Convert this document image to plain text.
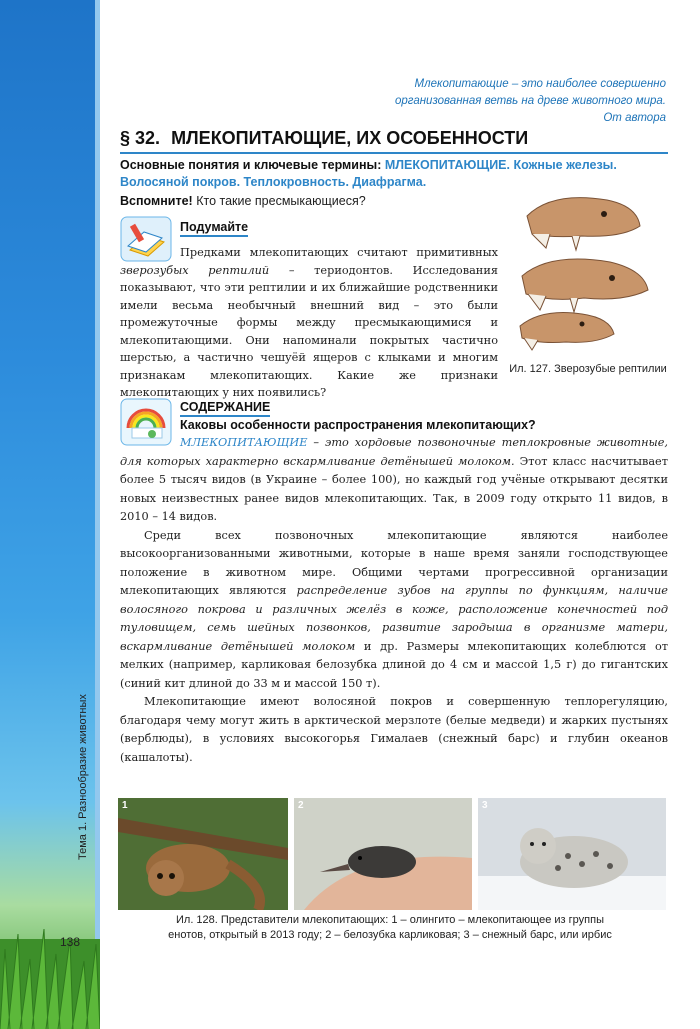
Тема 1. Разнообразие животных
138
Млекопитающие – это наиболее совершенно
организованная ветвь на древе животного мира.
От автора
§ 32. МЛЕКОПИТАЮЩИЕ, ИХ ОСОБЕННОСТИ
Основные понятия и ключевые термины: МЛЕКОПИТАЮЩИЕ. Кожные железы. Волосяной покров. Теплокровность. Диафрагма.
Вспомните! Кто такие пресмыкающиеся?
Подумайте
Предками млекопитающих считают примитивных зверозубых рептилий – териодонтов. Исследования показывают, что эти рептилии и их ближайшие родственники имели весьма необычный внешний вид – это были промежуточные формы между пресмыкающимися и млекопитающими. Они напоминали покрытых частично шерстью, а частично чешуёй ящеров с клыками и многим признакам млекопитающих. Какие же признаки млекопитающих у них появились?
Ил. 127. Зверозубые рептилии
СОДЕРЖАНИЕ
Каковы особенности распространения млекопитающих?

МЛЕКОПИТАЮЩИЕ – это хордовые позвоночные теплокровные животные, для которых характерно вскармливание детёнышей молоком. Этот класс насчитывает более 5 тысяч видов (в Украине – более 100), но каждый год учёные открывают десятки новых неизвестных ранее видов млекопитающих. Так, в 2009 году открыто 11 видов, в 2010 – 14 видов.

Среди всех позвоночных млекопитающие являются наиболее высокоорганизованными животными, которые в наше время заняли господствующее положение в животном мире. Общими чертами прогрессивной организации млекопитающих являются распределение зубов на группы по функциям, наличие волосяного покрова и различных желёз в коже, расположение конечностей под туловищем, семь шейных позвонков, развитие зародыша в организме матери, вскармливание детёнышей молоком и др. Размеры млекопитающих колеблются от мелких (например, карликовая белозубка длиной до 4 см и массой 1,5 г) до гигантских (синий кит длиной до 33 м и массой 150 т).

Млекопитающие имеют волосяной покров и совершенную теплорегуляцию, благодаря чему могут жить в арктической мерзлоте (белые медведи) и жарких пустынях (верблюды), в условиях высокогорья Гималаев (снежный барс) и глубин океанов (кашалоты).

1	2	3
Ил. 128. Представители млекопитающих: 1 – олингито – млекопитающее из группы
енотов, открытый в 2013 году; 2 – белозубка карликовая; 3 – снежный барс, или ирбис
